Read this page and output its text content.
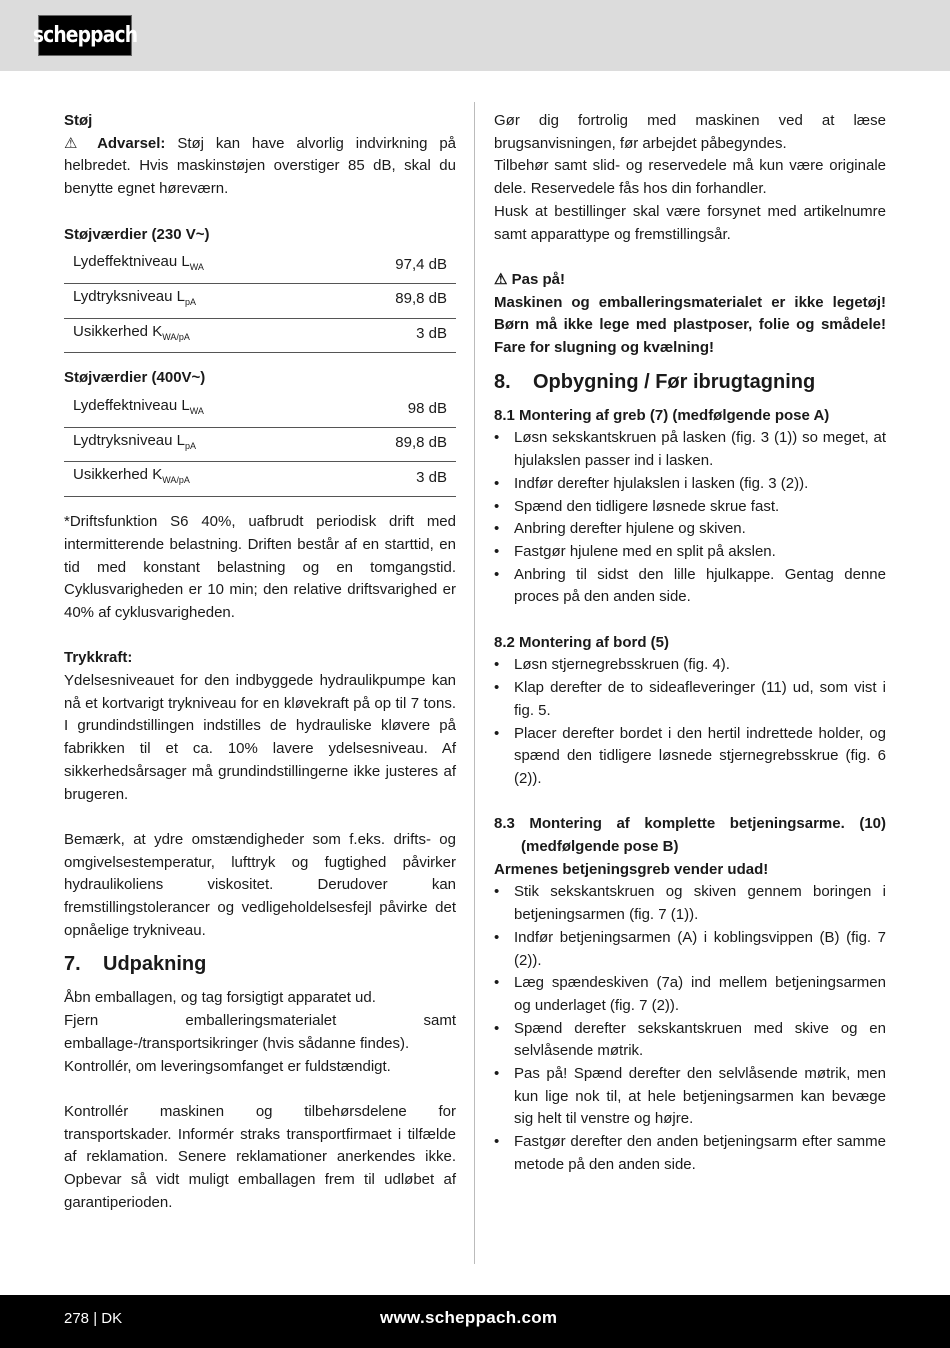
scheppach
Støj

⚠ Advarsel: Støj kan have alvorlig indvirkning på helbredet. Hvis maskinstøjen overstiger 85 dB, skal du benytte egnet høreværn.

Støjværdier (230 V~)
Lydeffektniveau $L_{WA}$	97,4 dB
Lydtryksniveau $L_{pA}$	89,8 dB
Usikkerhed $K_{WA/pA}$	3 dB
Støjværdier (400V~)
Lydeffektniveau $L_{WA}$	98 dB
Lydtryksniveau $L_{pA}$	89,8 dB
Usikkerhed $K_{WA/pA}$	3 dB

*Driftsfunktion S6 40%, uafbrudt periodisk drift med intermitterende belastning. Driften består af en starttid, en tid med konstant belastning og en tomgangstid. Cyklusvarigheden er 10 min; den relative driftsvarighed er 40% af cyklusvarigheden.

Trykkraft:

Ydelsesniveauet for den indbyggede hydraulikpumpe kan nå et kortvarigt trykniveau for en kløvekraft på op til 7 tons. I grundindstillingen indstilles de hydrauliske kløvere på fabrikken til et ca. 10% lavere ydelsesniveau. Af sikkerhedsårsager må grundindstillingerne ikke justeres af brugeren.

Bemærk, at ydre omstændigheder som f.eks. drifts- og omgivelsestemperatur, lufttryk og fugtighed påvirker hydraulikoliens viskositet. Derudover kan fremstillingstolerancer og vedligeholdelsesfejl påvirke det opnåelige trykniveau.

7. Udpakning

Åbn emballagen, og tag forsigtigt apparatet ud.

Fjern emballeringsmaterialet samt emballage-/transportsikringer (hvis sådanne findes).

Kontrollér, om leveringsomfanget er fuldstændigt.

Kontrollér maskinen og tilbehørsdelene for transportskader. Informér straks transportfirmaet i tilfælde af reklamation. Senere reklamationer anerkendes ikke. Opbevar så vidt muligt emballagen frem til udløbet af garantiperioden.

Gør dig fortrolig med maskinen ved at læse brugsanvisningen, før arbejdet påbegyndes.

Tilbehør samt slid- og reservedele må kun være originale dele. Reservedele fås hos din forhandler.

Husk at bestillinger skal være forsynet med artikelnumre samt apparattype og fremstillingsår.

⚠ Pas på!

Maskinen og emballeringsmaterialet er ikke legetøj! Børn må ikke lege med plastposer, folie og smådele! Fare for slugning og kvælning!

8. Opbygning / Før ibrugtagning
8.1 Montering af greb (7) (medfølgende pose A)
• Løsn sekskantskruen på lasken (fig. 3 (1)) so meget, at hjulakslen passer ind i lasken.
• Indfør derefter hjulakslen i lasken (fig. 3 (2)).
• Spænd den tidligere løsnede skrue fast.
• Anbring derefter hjulene og skiven.
• Fastgør hjulene med en split på akslen.
• Anbring til sidst den lille hjulkappe. Gentag denne proces på den anden side.
8.2 Montering af bord (5)
• Løsn stjernegrebsskruen (fig. 4).
• Klap derefter de to sideafleveringer (11) ud, som vist i fig. 5.
• Placer derefter bordet i den hertil indrettede holder, og spænd den tidligere løsnede stjernegrebsskrue (fig. 6 (2)).
8.3 Montering af komplette betjeningsarme. (10)
(medfølgende pose B)
Armenes betjeningsgreb vender udad!
• Stik sekskantskruen og skiven gennem boringen i betjeningsarmen (fig. 7 (1)).
• Indfør betjeningsarmen (A) i koblingsvippen (B) (fig. 7 (2)).
• Læg spændeskiven (7a) ind mellem betjeningsarmen og underlaget (fig. 7 (2)).
• Spænd derefter sekskantskruen med skive og en selvlåsende møtrik.
• Pas på! Spænd derefter den selvlåsende møtrik, men kun lige nok til, at hele betjeningsarmen kan bevæge sig helt til venstre og højre.
• Fastgør derefter den anden betjeningsarm efter samme metode på den anden side.
278 | DK	www.scheppach.com
